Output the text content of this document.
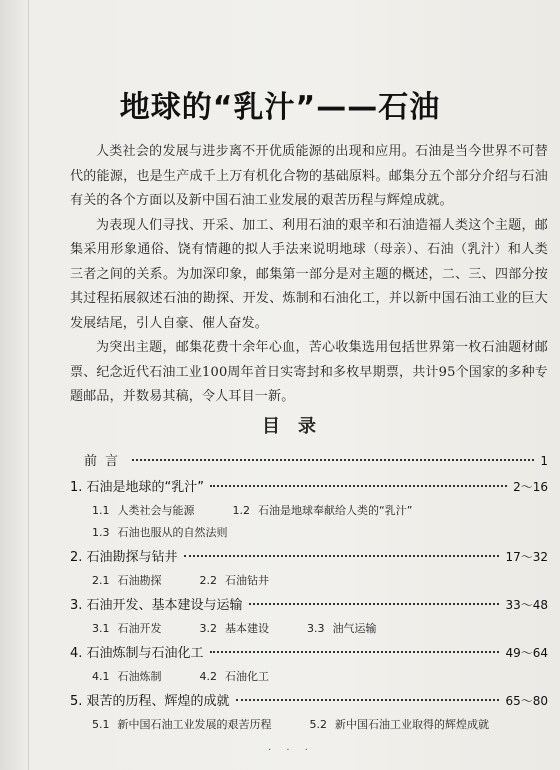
地球的“乳汁”——石油

人类社会的发展与进步离不开优质能源的出现和应用。石油是当今世界不可替代的能源，也是生产成千上万有机化合物的基础原料。邮集分五个部分介绍与石油有关的各个方面以及新中国石油工业发展的艰苦历程与辉煌成就。

为表现人们寻找、开采、加工、利用石油的艰辛和石油造福人类这个主题，邮集采用形象通俗、饶有情趣的拟人手法来说明地球（母亲）、石油（乳汁）和人类三者之间的关系。为加深印象，邮集第一部分是对主题的概述，二、三、四部分按其过程拓展叙述石油的勘探、开发、炼制和石油化工，并以新中国石油工业的巨大发展结尾，引人自豪、催人奋发。

为突出主题，邮集花费十余年心血，苦心收集选用包括世界第一枚石油题材邮票、纪念近代石油工业100周年首日实寄封和多枚早期票，共计95个国家的多种专题邮品，并数易其稿，令人耳目一新。

目录
前言	1
1. 石油是地球的“乳汁”	2～16
1.1 人类社会与能源	1.2 石油是地球奉献给人类的“乳汁”
1.3 石油也服从的自然法则
2. 石油勘探与钻井	17～32
2.1 石油勘探	2.2 石油钻井
3. 石油开发、基本建设与运输	33～48
3.1 石油开发	3.2 基本建设	3.3 油气运输
4. 石油炼制与石油化工	49～64
4.1 石油炼制	4.2 石油化工
5. 艰苦的历程、辉煌的成就	65～80
5.1 新中国石油工业发展的艰苦历程	5.2 新中国石油工业取得的辉煌成就
· · ·
